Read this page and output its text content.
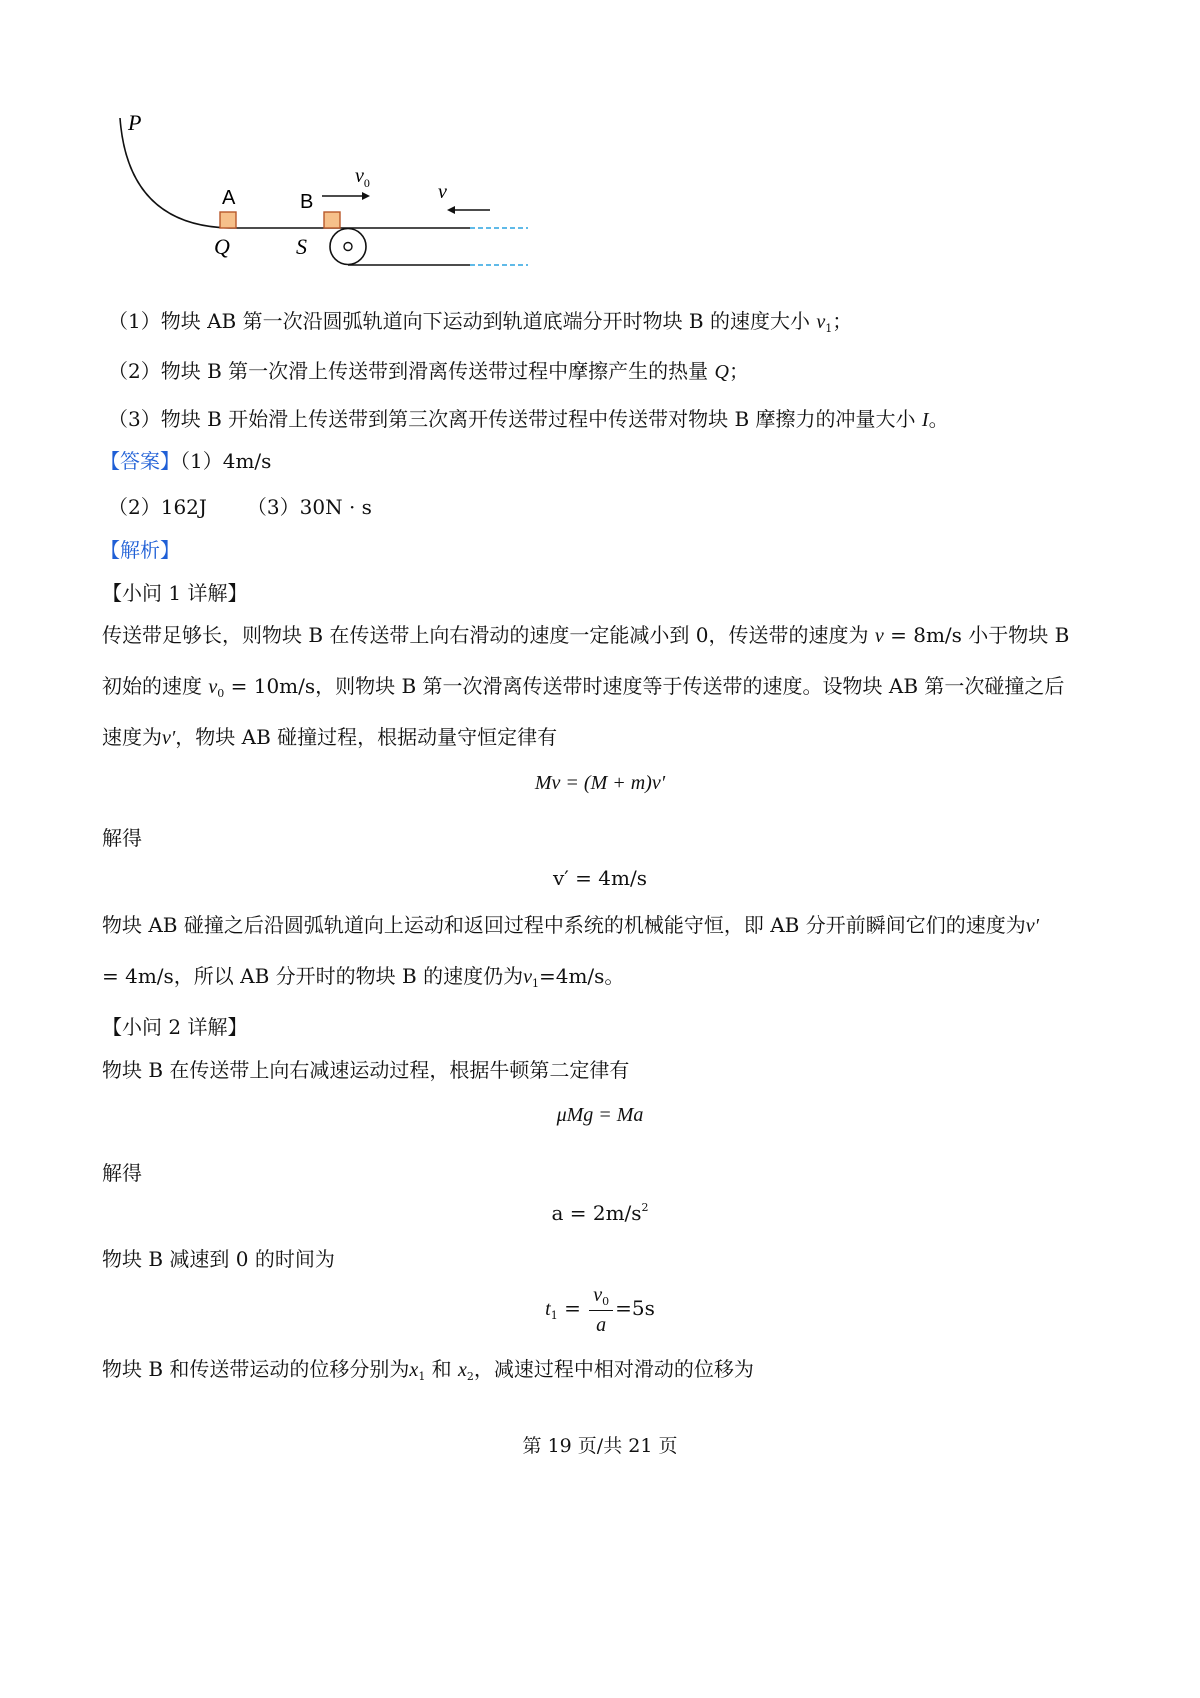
P
A	B
Q	S
$v_0$	v
（1）物块 AB 第一次沿圆弧轨道向下运动到轨道底端分开时物块 B 的速度大小 $v_1$；
（2）物块 B 第一次滑上传送带到滑离传送带过程中摩擦产生的热量 Q；
（3）物块 B 开始滑上传送带到第三次离开传送带过程中传送带对物块 B 摩擦力的冲量大小 I。
【答案】（1）4m/s
（2）162J （3）30N · s
【解析】
【小问 1 详解】
传送带足够长，则物块 B 在传送带上向右滑动的速度一定能减小到 0，传送带的速度为 v = 8m/s 小于物块 B
初始的速度 $v_0 = 10m/s$，则物块 B 第一次滑离传送带时速度等于传送带的速度。设物块 AB 第一次碰撞之后
速度为v′，物块 AB 碰撞过程，根据动量守恒定律有
Mv = (M + m)v′
解得
v′ = 4m/s
物块 AB 碰撞之后沿圆弧轨道向上运动和返回过程中系统的机械能守恒，即 AB 分开前瞬间它们的速度为v′
= 4m/s，所以 AB 分开时的物块 B 的速度仍为$v_1=4m/s$。
【小问 2 详解】
物块 B 在传送带上向右减速运动过程，根据牛顿第二定律有
μMg = Ma
解得
$a = 2m/s^2$
物块 B 减速到 0 的时间为
$t_1 = \frac{v_0}{a} =5s$
物块 B 和传送带运动的位移分别为$x_1$ 和 $x_2$，减速过程中相对滑动的位移为
第 19 页/共 21 页
